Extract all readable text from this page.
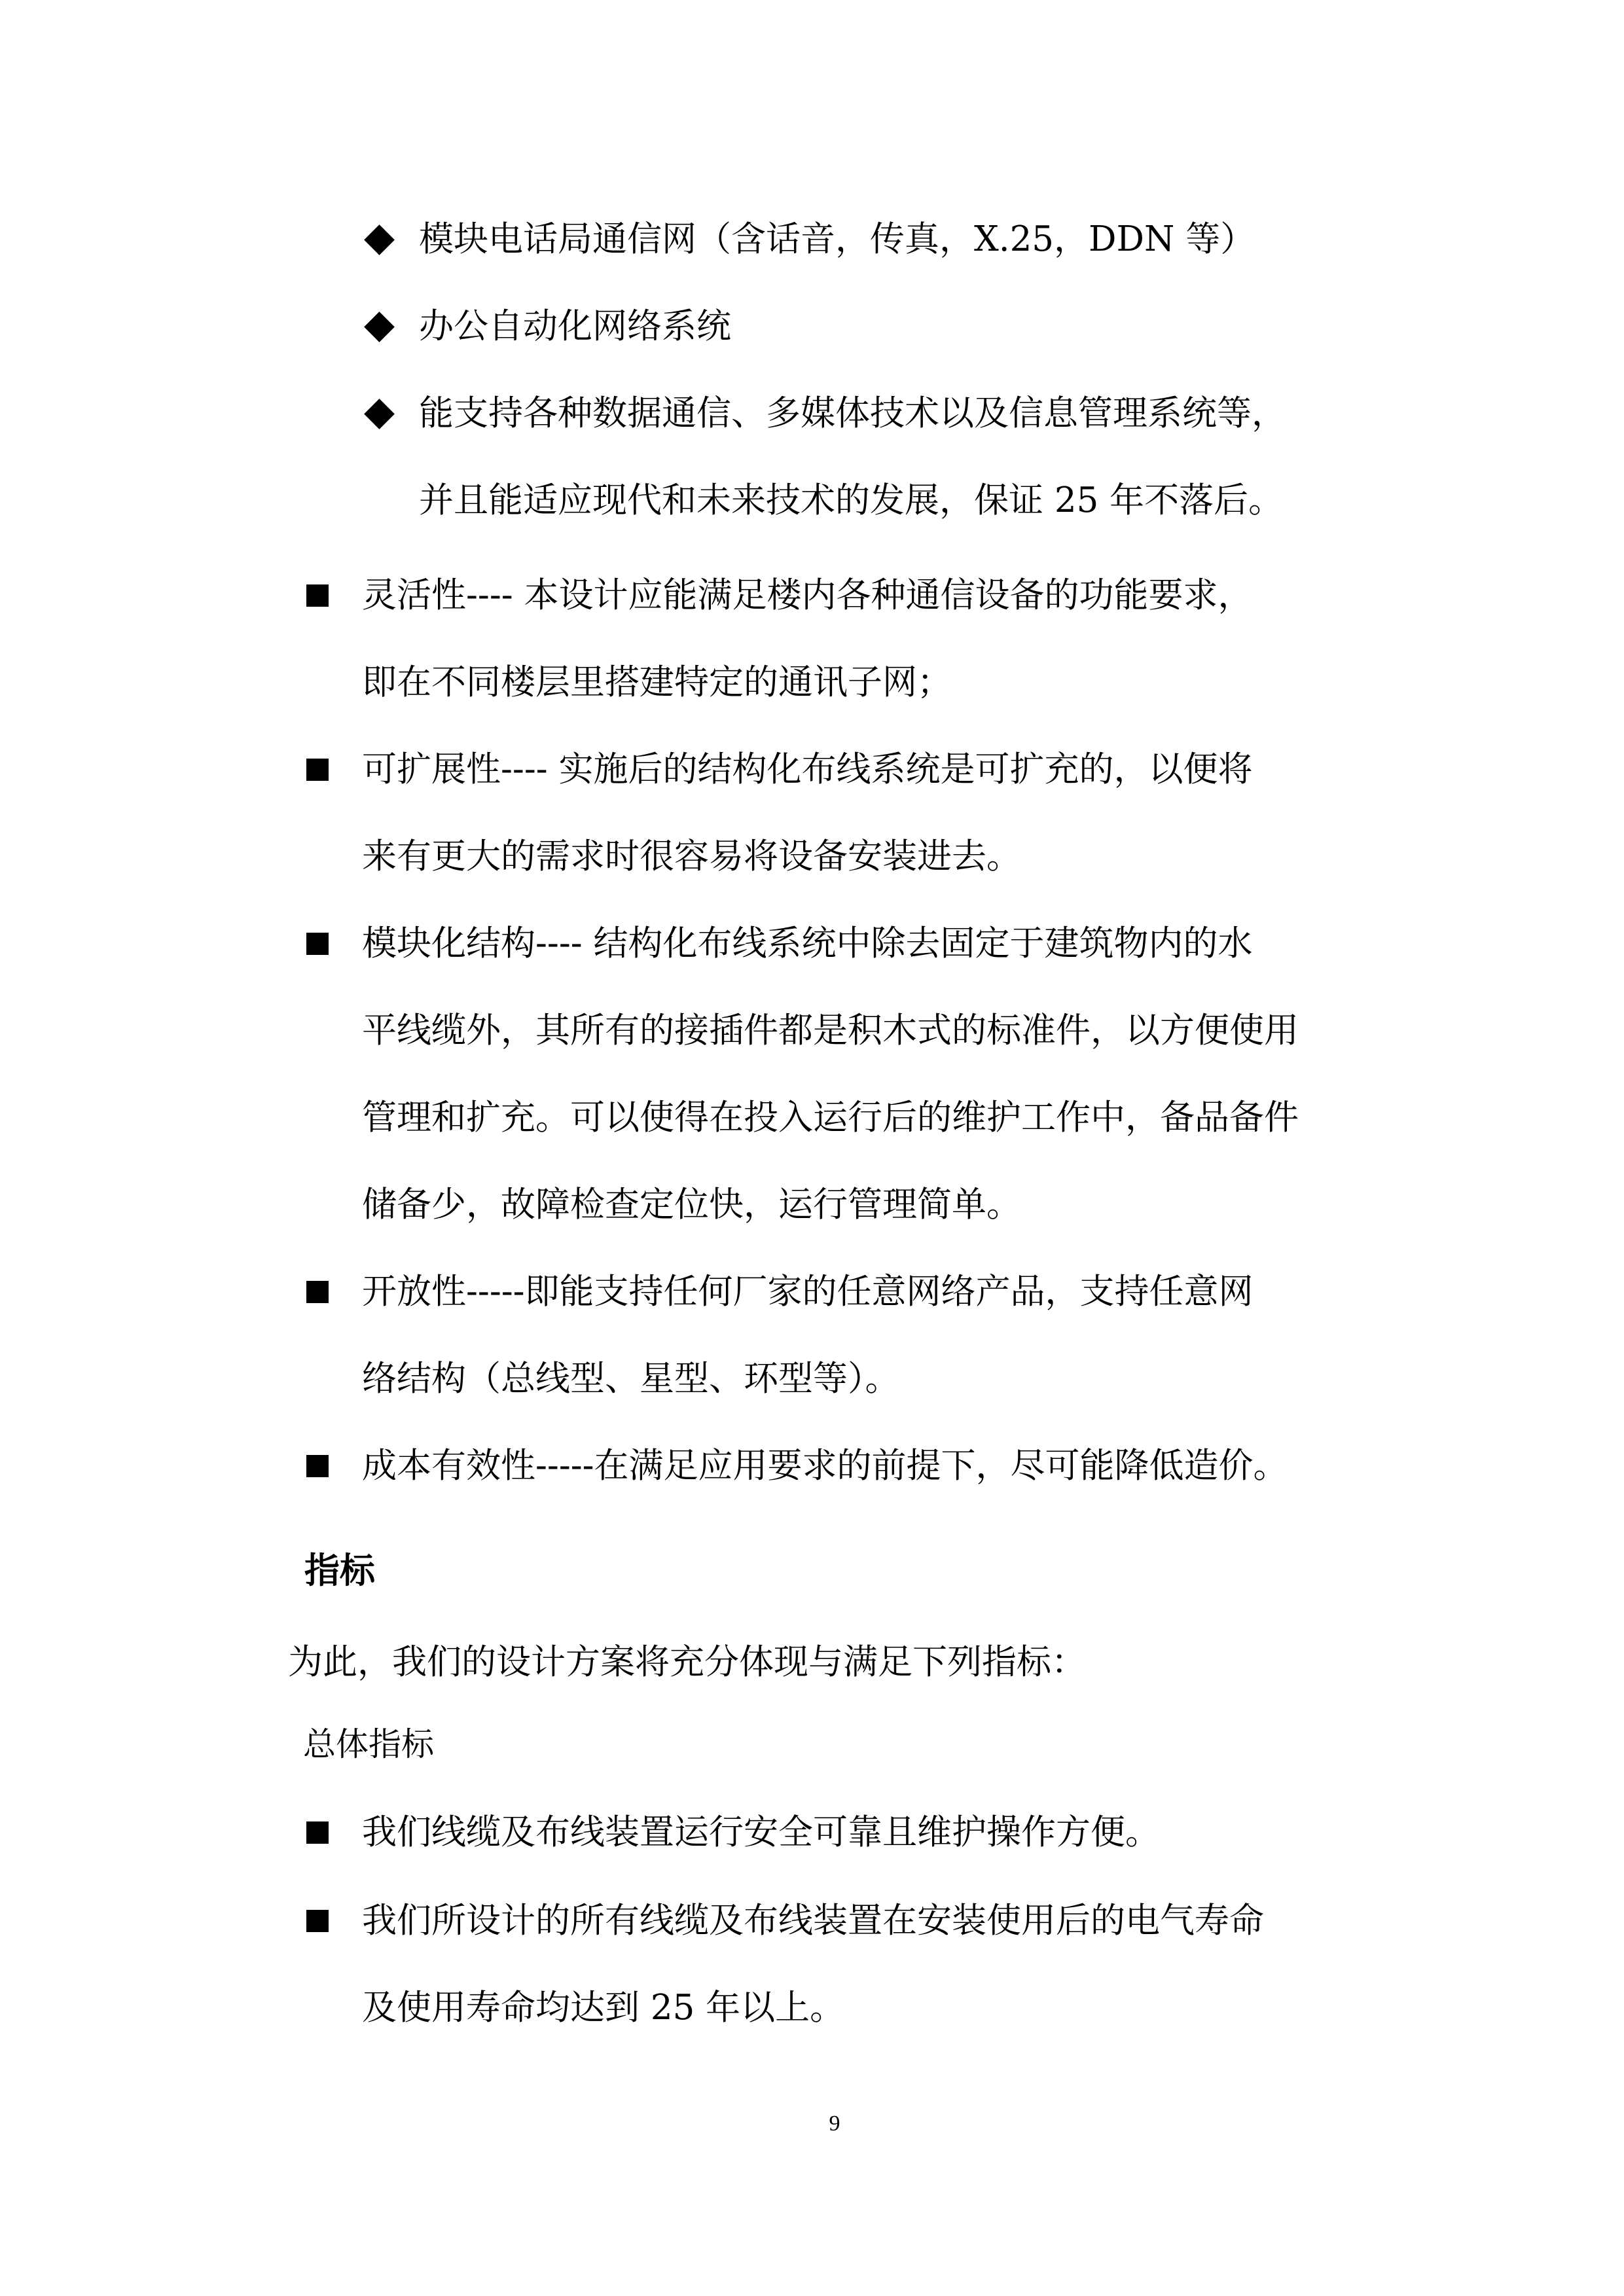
模块电话局通信网（含话音，传真，X.25，DDN 等）
办公自动化网络系统
能支持各种数据通信、多媒体技术以及信息管理系统等，
并且能适应现代和未来技术的发展，保证 25 年不落后。
灵活性---- 本设计应能满足楼内各种通信设备的功能要求，
即在不同楼层里搭建特定的通讯子网；
可扩展性---- 实施后的结构化布线系统是可扩充的，以便将
来有更大的需求时很容易将设备安装进去。
模块化结构---- 结构化布线系统中除去固定于建筑物内的水
平线缆外，其所有的接插件都是积木式的标准件，以方便使用
管理和扩充。可以使得在投入运行后的维护工作中，备品备件
储备少，故障检查定位快，运行管理简单。
开放性-----即能支持任何厂家的任意网络产品，支持任意网
络结构（总线型、星型、环型等）。
成本有效性-----在满足应用要求的前提下，尽可能降低造价。
指标
为此，我们的设计方案将充分体现与满足下列指标：
总体指标
我们线缆及布线装置运行安全可靠且维护操作方便。
我们所设计的所有线缆及布线装置在安装使用后的电气寿命
及使用寿命均达到 25 年以上。
9
